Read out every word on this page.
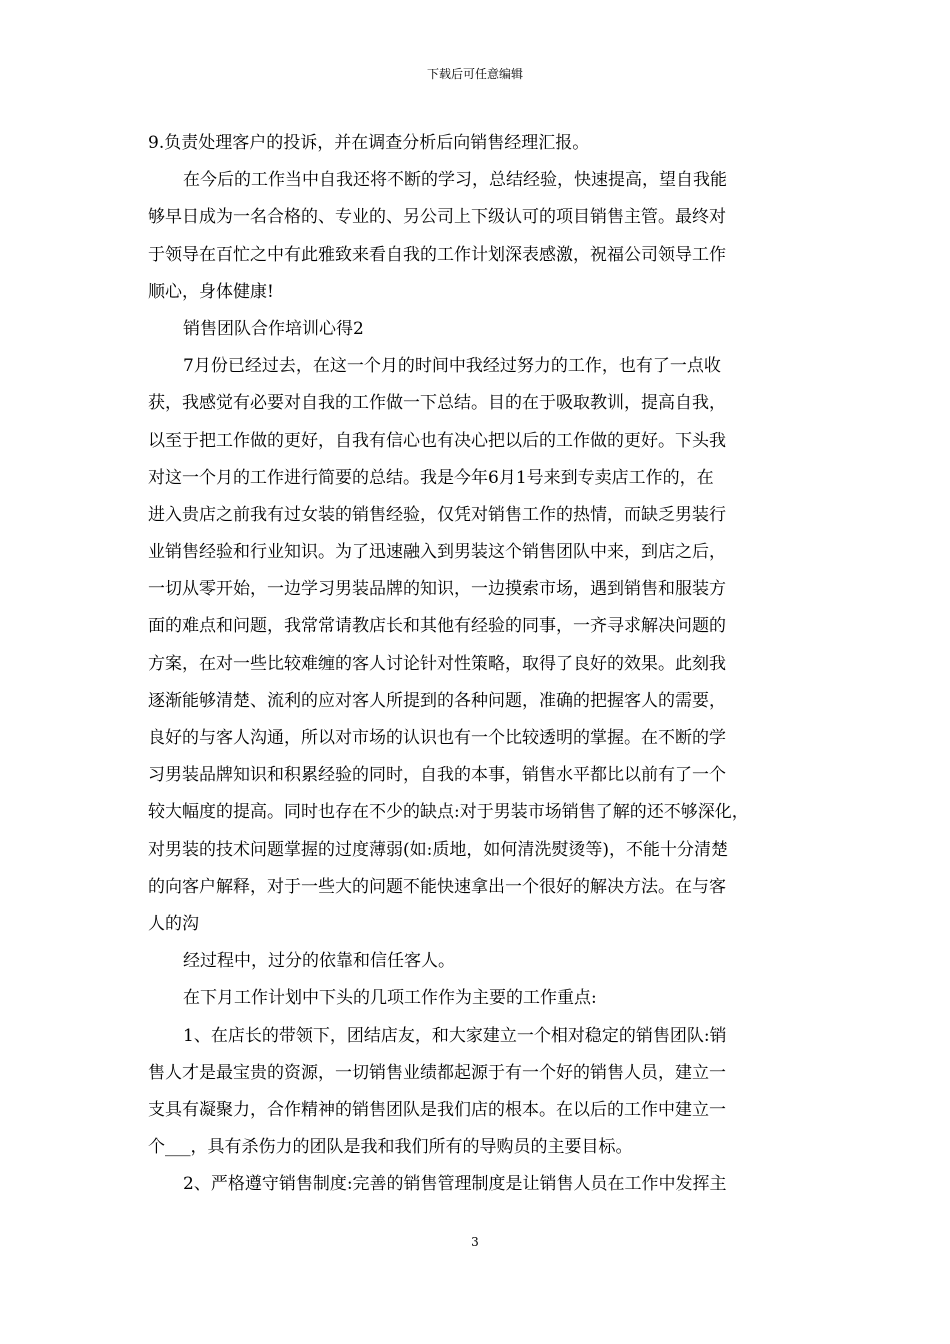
下载后可任意编辑
9.负责处理客户的投诉，并在调查分析后向销售经理汇报。
在今后的工作当中自我还将不断的学习，总结经验，快速提高，望自我能
够早日成为一名合格的、专业的、另公司上下级认可的项目销售主管。最终对
于领导在百忙之中有此雅致来看自我的工作计划深表感激，祝福公司领导工作
顺心，身体健康!
销售团队合作培训心得2
7月份已经过去，在这一个月的时间中我经过努力的工作，也有了一点收
获，我感觉有必要对自我的工作做一下总结。目的在于吸取教训，提高自我，
以至于把工作做的更好，自我有信心也有决心把以后的工作做的更好。下头我
对这一个月的工作进行简要的总结。我是今年6月1号来到专卖店工作的，在
进入贵店之前我有过女装的销售经验，仅凭对销售工作的热情，而缺乏男装行
业销售经验和行业知识。为了迅速融入到男装这个销售团队中来，到店之后，
一切从零开始，一边学习男装品牌的知识，一边摸索市场，遇到销售和服装方
面的难点和问题，我常常请教店长和其他有经验的同事，一齐寻求解决问题的
方案，在对一些比较难缠的客人讨论针对性策略，取得了良好的效果。此刻我
逐渐能够清楚、流利的应对客人所提到的各种问题，准确的把握客人的需要，
良好的与客人沟通，所以对市场的认识也有一个比较透明的掌握。在不断的学
习男装品牌知识和积累经验的同时，自我的本事，销售水平都比以前有了一个
较大幅度的提高。同时也存在不少的缺点:对于男装市场销售了解的还不够深化，
对男装的技术问题掌握的过度薄弱(如:质地，如何清洗熨烫等)，不能十分清楚
的向客户解释，对于一些大的问题不能快速拿出一个很好的解决方法。在与客
人的沟
经过程中，过分的依靠和信任客人。
在下月工作计划中下头的几项工作作为主要的工作重点:
1、在店长的带领下，团结店友，和大家建立一个相对稳定的销售团队:销
售人才是最宝贵的资源，一切销售业绩都起源于有一个好的销售人员，建立一
支具有凝聚力，合作精神的销售团队是我们店的根本。在以后的工作中建立一
个___，具有杀伤力的团队是我和我们所有的导购员的主要目标。
2、严格遵守销售制度:完善的销售管理制度是让销售人员在工作中发挥主
3
